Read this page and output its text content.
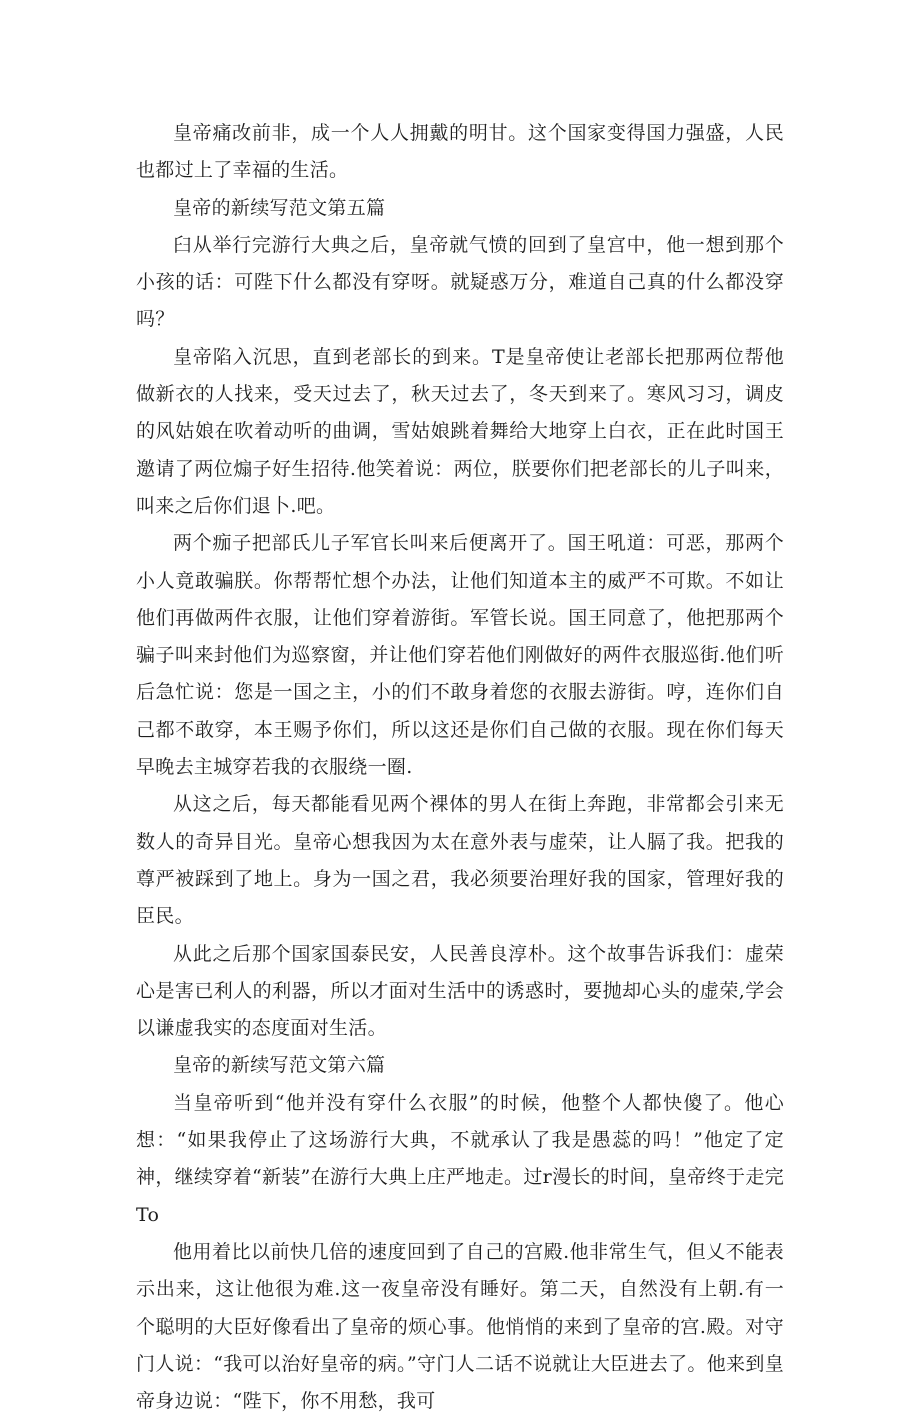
皇帝痛改前非，成一个人人拥戴的明甘。这个国家变得国力强盛，人民也都过上了幸福的生活。

皇帝的新续写范文第五篇

臼从举行完游行大典之后，皇帝就气愤的回到了皇宫中，他一想到那个小孩的话：可陛下什么都没有穿呀。就疑惑万分，难道自己真的什么都没穿吗？

皇帝陷入沉思，直到老部长的到来。T是皇帝使让老部长把那两位帮他做新衣的人找来，受天过去了，秋天过去了，冬天到来了。寒风习习，调皮的风姑娘在吹着动听的曲调，雪姑娘跳着舞给大地穿上白衣，正在此时国王邀请了两位煽子好生招待.他笑着说：两位，朕要你们把老部长的儿子叫来，叫来之后你们退卜.吧。

两个痂子把部氏儿子军官长叫来后便离开了。国王吼道：可恶，那两个小人竟敢骗朕。你帮帮忙想个办法，让他们知道本主的威严不可欺。不如让他们再做两件衣服，让他们穿着游街。军管长说。国王同意了，他把那两个骗子叫来封他们为巡察窗，并让他们穿若他们刚做好的两件衣服巡街.他们听后急忙说：您是一国之主，小的们不敢身着您的衣服去游街。哼，连你们自己都不敢穿，本王赐予你们，所以这还是你们自己做的衣服。现在你们每天早晚去主城穿若我的衣服绕一圈.

从这之后，每天都能看见两个裸体的男人在街上奔跑，非常都会引来无数人的奇异目光。皇帝心想我因为太在意外表与虚荣，让人膈了我。把我的尊严被踩到了地上。身为一国之君，我必须要治理好我的国家，管理好我的臣民。

从此之后那个国家国泰民安，人民善良淳朴。这个故事告诉我们：虚荣心是害已利人的利器，所以才面对生活中的诱惑时，要抛却心头的虚荣,学会以谦虚我实的态度面对生活。

皇帝的新续写范文第六篇

当皇帝听到“他并没有穿什么衣服”的时候，他整个人都快傻了。他心想：“如果我停止了这场游行大典，不就承认了我是愚蕊的吗！”他定了定神，继续穿着“新装”在游行大典上庄严地走。过r漫长的时间，皇帝终于走完To

他用着比以前快几倍的速度回到了自己的宫殿.他非常生气，但乂不能表示出来，这让他很为难.这一夜皇帝没有睡好。第二天，自然没有上朝.有一个聪明的大臣好像看出了皇帝的烦心事。他悄悄的来到了皇帝的宫.殿。对守门人说：“我可以治好皇帝的病。”守门人二话不说就让大臣进去了。他来到皇帝身边说：“陛下，你不用愁，我可
